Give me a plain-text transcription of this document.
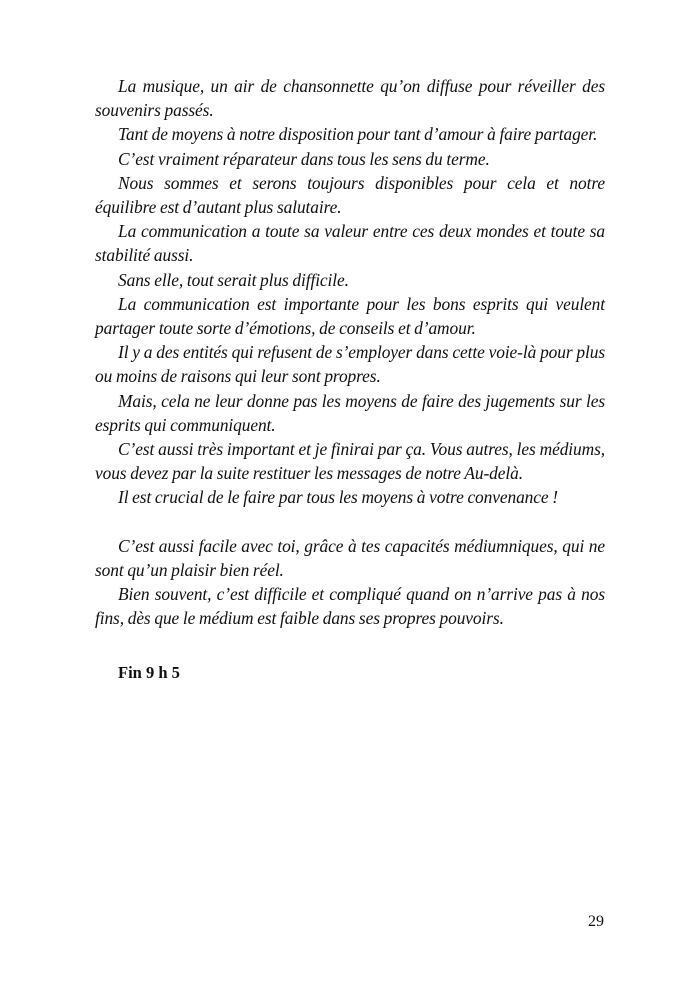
La musique, un air de chansonnette qu’on diffuse pour réveiller des souvenirs passés.

Tant de moyens à notre disposition pour tant d’amour à faire partager.

C’est vraiment réparateur dans tous les sens du terme.

Nous sommes et serons toujours disponibles pour cela et notre équilibre est d’autant plus salutaire.

La communication a toute sa valeur entre ces deux mondes et toute sa stabilité aussi.

Sans elle, tout serait plus difficile.

La communication est importante pour les bons esprits qui veulent partager toute sorte d’émotions, de conseils et d’amour.

Il y a des entités qui refusent de s’employer dans cette voie-là pour plus ou moins de raisons qui leur sont propres.

Mais, cela ne leur donne pas les moyens de faire des jugements sur les esprits qui communiquent.

C’est aussi très important et je finirai par ça. Vous autres, les médiums, vous devez par la suite restituer les messages de notre Au-delà.

Il est crucial de le faire par tous les moyens à votre convenance !

C’est aussi facile avec toi, grâce à tes capacités médiumniques, qui ne sont qu’un plaisir bien réel.

Bien souvent, c’est difficile et compliqué quand on n’arrive pas à nos fins, dès que le médium est faible dans ses propres pouvoirs.

Fin 9 h 5

29
